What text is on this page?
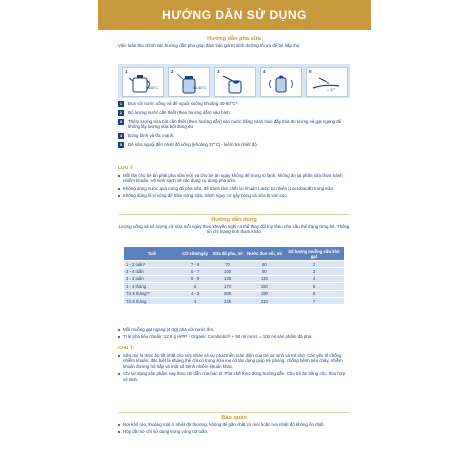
HƯỚNG DẪN SỬ DỤNG

Hướng dẫn pha sữa

Việc tuân thủ chính xác hướng dẫn pha giúp đảm bảo giá trị dinh dưỡng tối ưu để bé hấp thụ:

1
100°C
2
40-50°C
3	4	5
≈ 37°
1	Đun sôi nước uống và để nguội xuống khoảng 40-50°C*.
2	Đổ lượng nước cần thiết (theo hướng dẫn) vào bình.
3	Thêm lượng sữa bột cần thiết (theo hướng dẫn) vào nước bằng cách múc đầy thìa đo lường và gạt ngang để không lấy lượng sữa bột đong dư
4	Đóng bình và lắc mạnh.
5	Để sữa nguội đến nhiệt độ uống (khoảng 37°C) - kiểm tra nhiệt độ.

LƯU Ý

Mỗi lần cho bé ăn phải pha sữa mới và cho bé ăn ngay không để trong tủ lạnh, không ăn lại phần sữa thừa tránh nhiễm khuẩn. Vệ sinh sạch sẽ các dụng cụ dùng pha sữa.
Không dùng nước quá nóng để pha sữa, để tránh làm chết lợi khuẩn Lactic tự nhiên (Lactobacilli) trong sữa.
Không dùng lò vi sóng để hâm nóng sữa, tránh nguy cơ gây bỏng và sữa bị vón cục.

Hướng dẫn dùng

Lượng uống và số lượng cữ sữa mỗi ngày theo khuyến nghị có thể thay đổi tùy theo nhu cầu thể trạng từng bé. Thông tin chỉ mang tính tham khảo

Tuổi	Cữ sữa/ngày	Sữa đã pha, ml	Nước đun sôi, ml	Số lượng muỗng sữa khô gạt
1 - 2 tuần*	7 - 8	70	60	2
3 - 4 tuần	5 - 7	100	90	3
3 - 4 tuần	5 - 8	135	120	4
3 - 4 tháng	5	170	150	5
Từ 5 tháng**	4 - 5	200	180	6
Từ 6 tháng	4	235	210	7
Mỗi muỗng gạt ngang (4,3g) pha với nước ấm.
Tỉ lệ pha tiêu chuẩn: 12,9 g HiPP ¹ Organic Combiotic® + 90 ml nước = 100 ml sản phẩm đã pha.

CHÚ Ý:

Sữa mẹ là thức ăn tốt nhất cho sức khỏe và sự phát triển toàn diện của trẻ sơ sinh và trẻ nhỏ. Các yếu tố chống nhiễm khuẩn, đặc biệt là kháng thể chỉ có trong sữa mẹ có tác dụng giúp trẻ phòng, chống bệnh tiêu chảy, nhiễm khuẩn đường hô hấp và một số bệnh nhiễm khuẩn khác.
Chỉ sử dụng sản phẩm này theo chỉ dẫn của bác sĩ. Pha chế theo đúng hướng dẫn. Cho trẻ ăn bằng cốc, thìa hợp vệ sinh.

Bảo quản

Nơi khô ráo, thoáng mát ở nhiệt độ thường, không để gần chất có mùi hoặc nơi nhiệt độ không ổn định.
Hộp đã mở chỉ sử dụng trong vòng 03 tuần.
